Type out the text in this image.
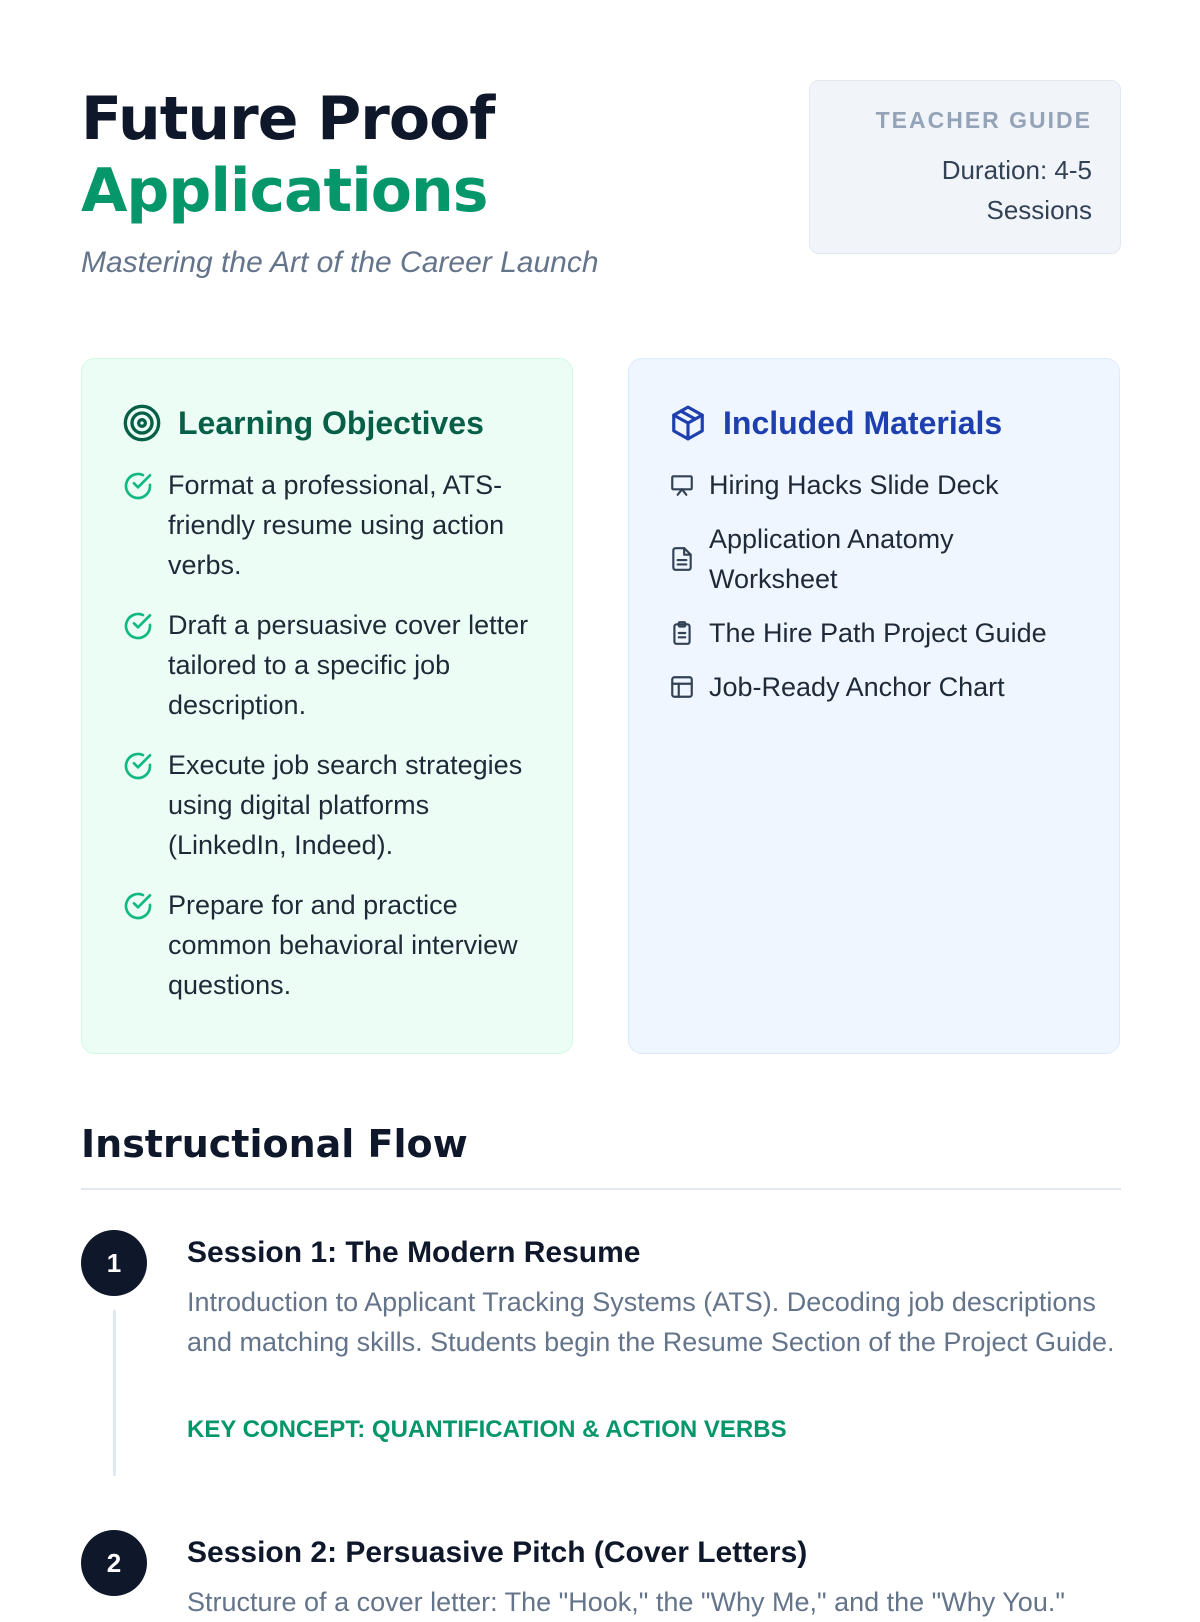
Future Proof
Applications
Mastering the Art of the Career Launch
TEACHER GUIDE
Duration: 4-5 Sessions
Learning Objectives
Format a professional, ATS-friendly resume using action verbs.
Draft a persuasive cover letter tailored to a specific job description.
Execute job search strategies using digital platforms (LinkedIn, Indeed).
Prepare for and practice common behavioral interview questions.
Included Materials
Hiring Hacks Slide Deck
Application Anatomy Worksheet
The Hire Path Project Guide
Job-Ready Anchor Chart
Instructional Flow
1	Session 1: The Modern Resume
Introduction to Applicant Tracking Systems (ATS). Decoding job descriptions and matching skills. Students begin the Resume Section of the Project Guide.
KEY CONCEPT: QUANTIFICATION & ACTION VERBS
2	Session 2: Persuasive Pitch (Cover Letters)
Structure of a cover letter: The "Hook," the "Why Me," and the "Why You."
